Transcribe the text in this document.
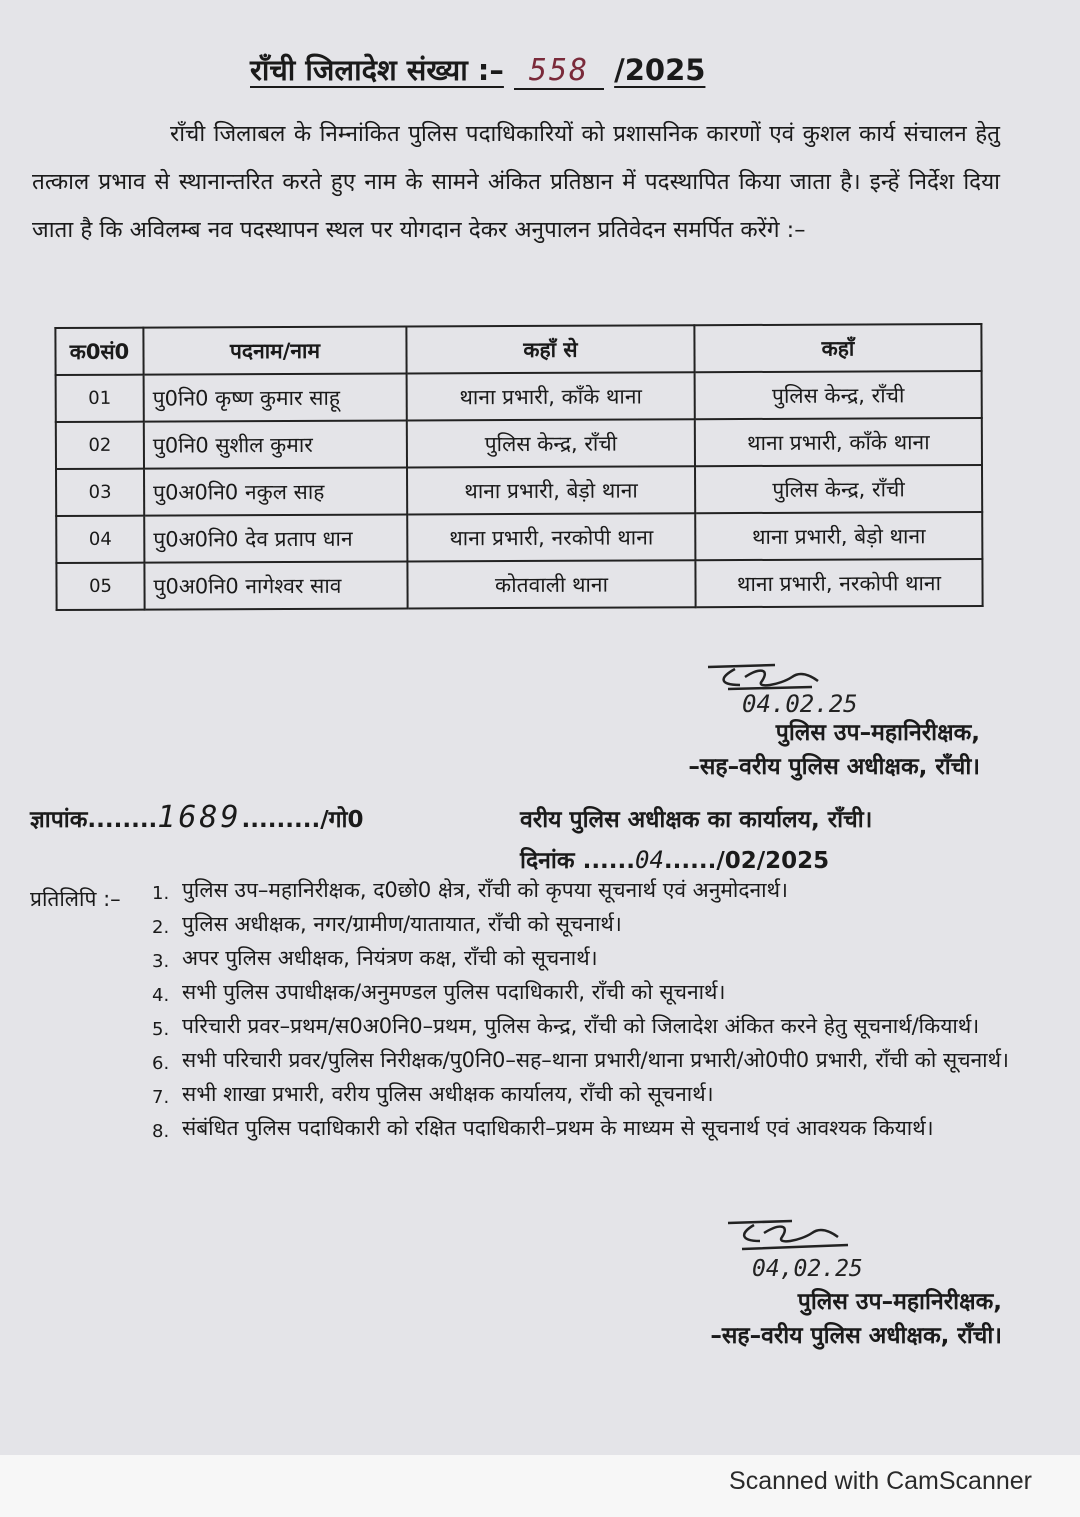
राँची जिलादेश संख्या :– 558 /2025
राँची जिलाबल के निम्नांकित पुलिस पदाधिकारियों को प्रशासनिक कारणों एवं कुशल कार्य संचालन हेतु तत्काल प्रभाव से स्थानान्तरित करते हुए नाम के सामने अंकित प्रतिष्ठान में पदस्थापित किया जाता है। इन्हें निर्देश दिया जाता है कि अविलम्ब नव पदस्थापन स्थल पर योगदान देकर अनुपालन प्रतिवेदन समर्पित करेंगे :–
क0सं0	पदनाम/नाम	कहाँ से	कहाँ
01	पु0नि0 कृष्ण कुमार साहू	थाना प्रभारी, काँके थाना	पुलिस केन्द्र, राँची
02	पु0नि0 सुशील कुमार	पुलिस केन्द्र, राँची	थाना प्रभारी, काँके थाना
03	पु0अ0नि0 नकुल साह	थाना प्रभारी, बेड़ो थाना	पुलिस केन्द्र, राँची
04	पु0अ0नि0 देव प्रताप धान	थाना प्रभारी, नरकोपी थाना	थाना प्रभारी, बेड़ो थाना
05	पु0अ0नि0 नागेश्वर साव	कोतवाली थाना	थाना प्रभारी, नरकोपी थाना
04.02.25
पुलिस उप–महानिरीक्षक,
–सह–वरीय पुलिस अधीक्षक, राँची।
ज्ञापांक........1689........./गो0	वरीय पुलिस अधीक्षक का कार्यालय, राँची।
दिनांक ......04....../02/2025
प्रतिलिपि :– 1. पुलिस उप–महानिरीक्षक, द0छो0 क्षेत्र, राँची को कृपया सूचनार्थ एवं अनुमोदनार्थ।
2. पुलिस अधीक्षक, नगर/ग्रामीण/यातायात, राँची को सूचनार्थ।
3. अपर पुलिस अधीक्षक, नियंत्रण कक्ष, राँची को सूचनार्थ।
4. सभी पुलिस उपाधीक्षक/अनुमण्डल पुलिस पदाधिकारी, राँची को सूचनार्थ।
5. परिचारी प्रवर–प्रथम/स0अ0नि0–प्रथम, पुलिस केन्द्र, राँची को जिलादेश अंकित करने हेतु सूचनार्थ/कियार्थ।
6. सभी परिचारी प्रवर/पुलिस निरीक्षक/पु0नि0–सह–थाना प्रभारी/थाना प्रभारी/ओ0पी0 प्रभारी, राँची को सूचनार्थ।
7. सभी शाखा प्रभारी, वरीय पुलिस अधीक्षक कार्यालय, राँची को सूचनार्थ।
8. संबंधित पुलिस पदाधिकारी को रक्षित पदाधिकारी–प्रथम के माध्यम से सूचनार्थ एवं आवश्यक कियार्थ।
04,02.25
पुलिस उप–महानिरीक्षक,
–सह–वरीय पुलिस अधीक्षक, राँची।
Scanned with CamScanner
